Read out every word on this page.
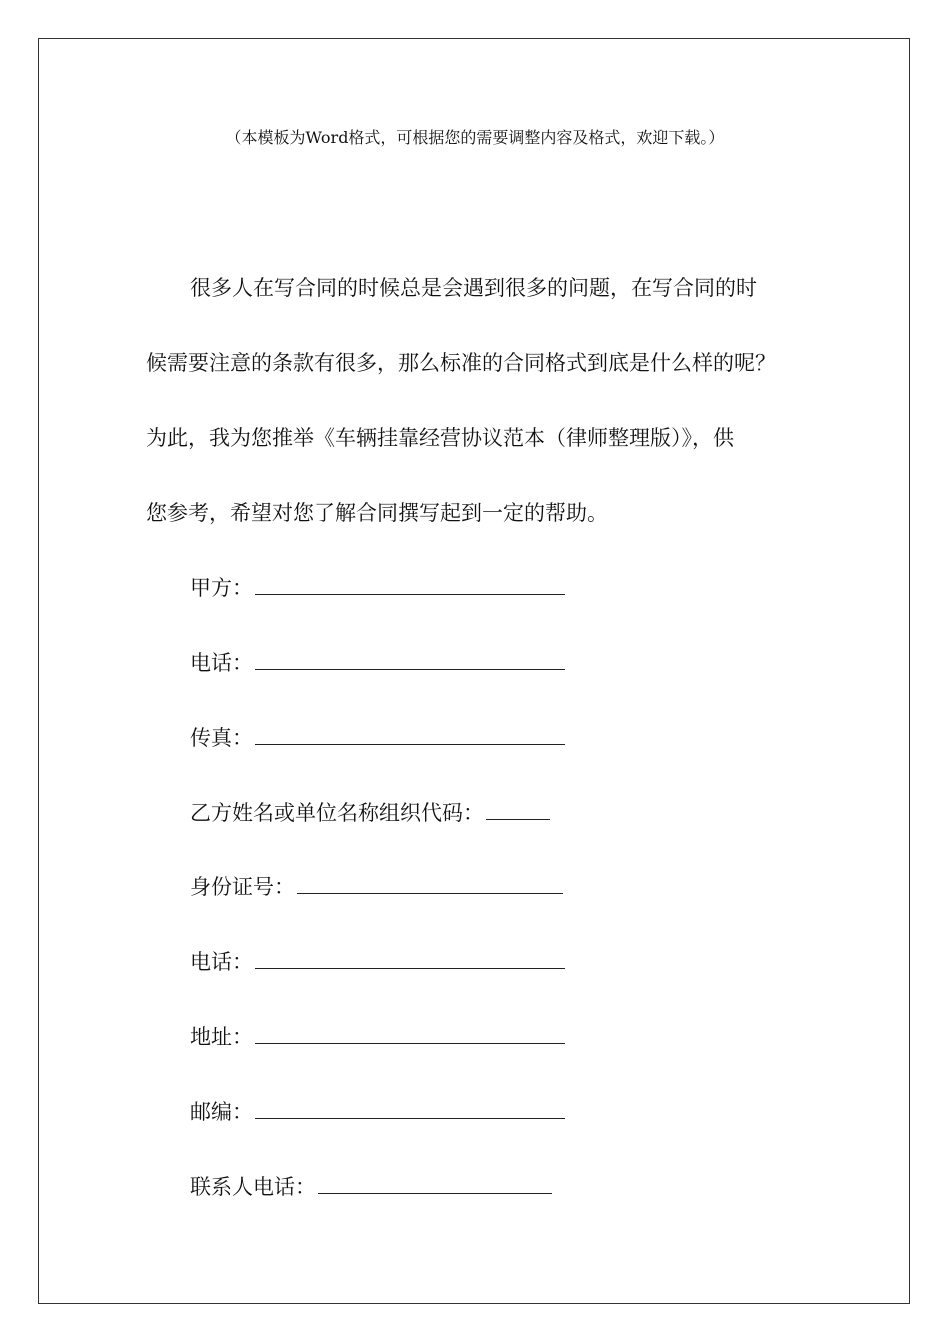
（本模板为Word格式，可根据您的需要调整内容及格式，欢迎下载。）
很多人在写合同的时候总是会遇到很多的问题，在写合同的时
候需要注意的条款有很多，那么标准的合同格式到底是什么样的呢？
为此，我为您推举《车辆挂靠经营协议范本（律师整理版）》，供
您参考，希望对您了解合同撰写起到一定的帮助。
甲方：
电话：
传真：
乙方姓名或单位名称组织代码：
身份证号：
电话：
地址：
邮编：
联系人电话：
